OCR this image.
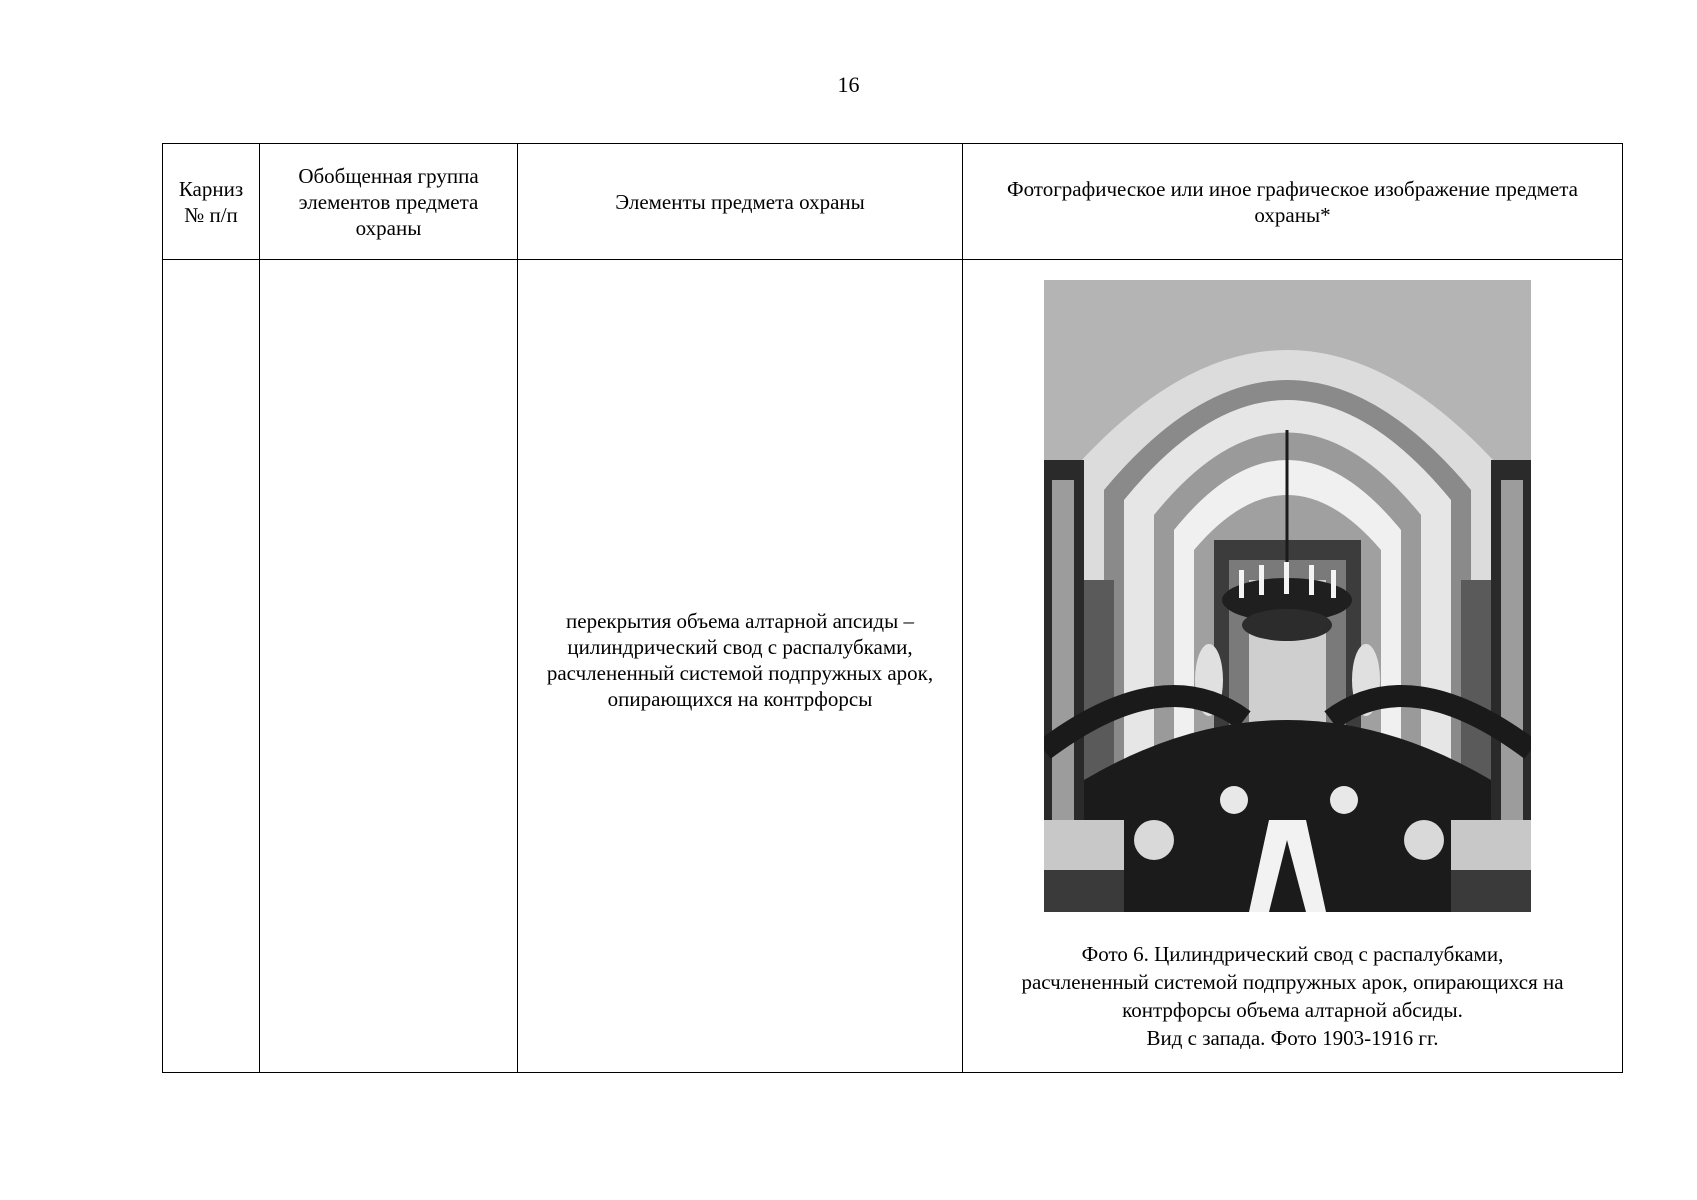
16
Карниз № п/п	Обобщенная группа элементов предмета охраны	Элементы предмета охраны	Фотографическое или иное графическое изображение предмета охраны*

		перекрытия объема алтарной апсиды – цилиндрический свод с распалубками, расчлененный системой подпружных арок, опирающихся на контрфорсы	Фото 6. Цилиндрический свод с распалубками,
расчлененный системой подпружных арок, опирающихся на
контрфорсы объема алтарной абсиды.
Вид с запада. Фото 1903-1916 гг.
